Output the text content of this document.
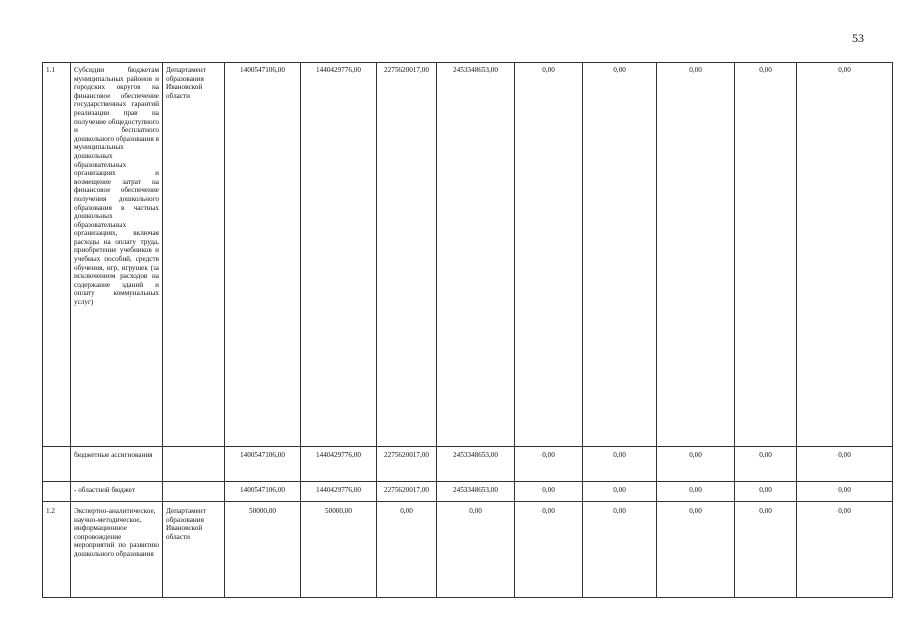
53
1.1	Субсидии бюджетам муниципальных районов и городских округов на финансовое обеспечение государственных гарантий реализации прав на получение общедоступного и бесплатного дошкольного образования в муниципальных дошкольных образовательных организациях и возмещение затрат на финансовое обеспечение получения дошкольного образования в частных дошкольных образовательных организациях, включая расходы на оплату труда, приобретение учебников и учебных пособий, средств обучения, игр, игрушек (за исключением расходов на содержание зданий и оплату коммунальных услуг)	Департамент образования Ивановской области	1400547106,00	1440429776,00	2275620017,00	2453348653,00	0,00	0,00	0,00	0,00	0,00
	бюджетные ассигнования		1400547106,00	1440429776,00	2275620017,00	2453348653,00	0,00	0,00	0,00	0,00	0,00
	- областной бюджет		1400547106,00	1440429776,00	2275620017,00	2453348653,00	0,00	0,00	0,00	0,00	0,00
1.2	Экспертно-аналитическое, научно-методическое, информационное сопровождение мероприятий по развитию дошкольного образования	Департамент образования Ивановской области	50000,00	50000,00	0,00	0,00	0,00	0,00	0,00	0,00	0,00
